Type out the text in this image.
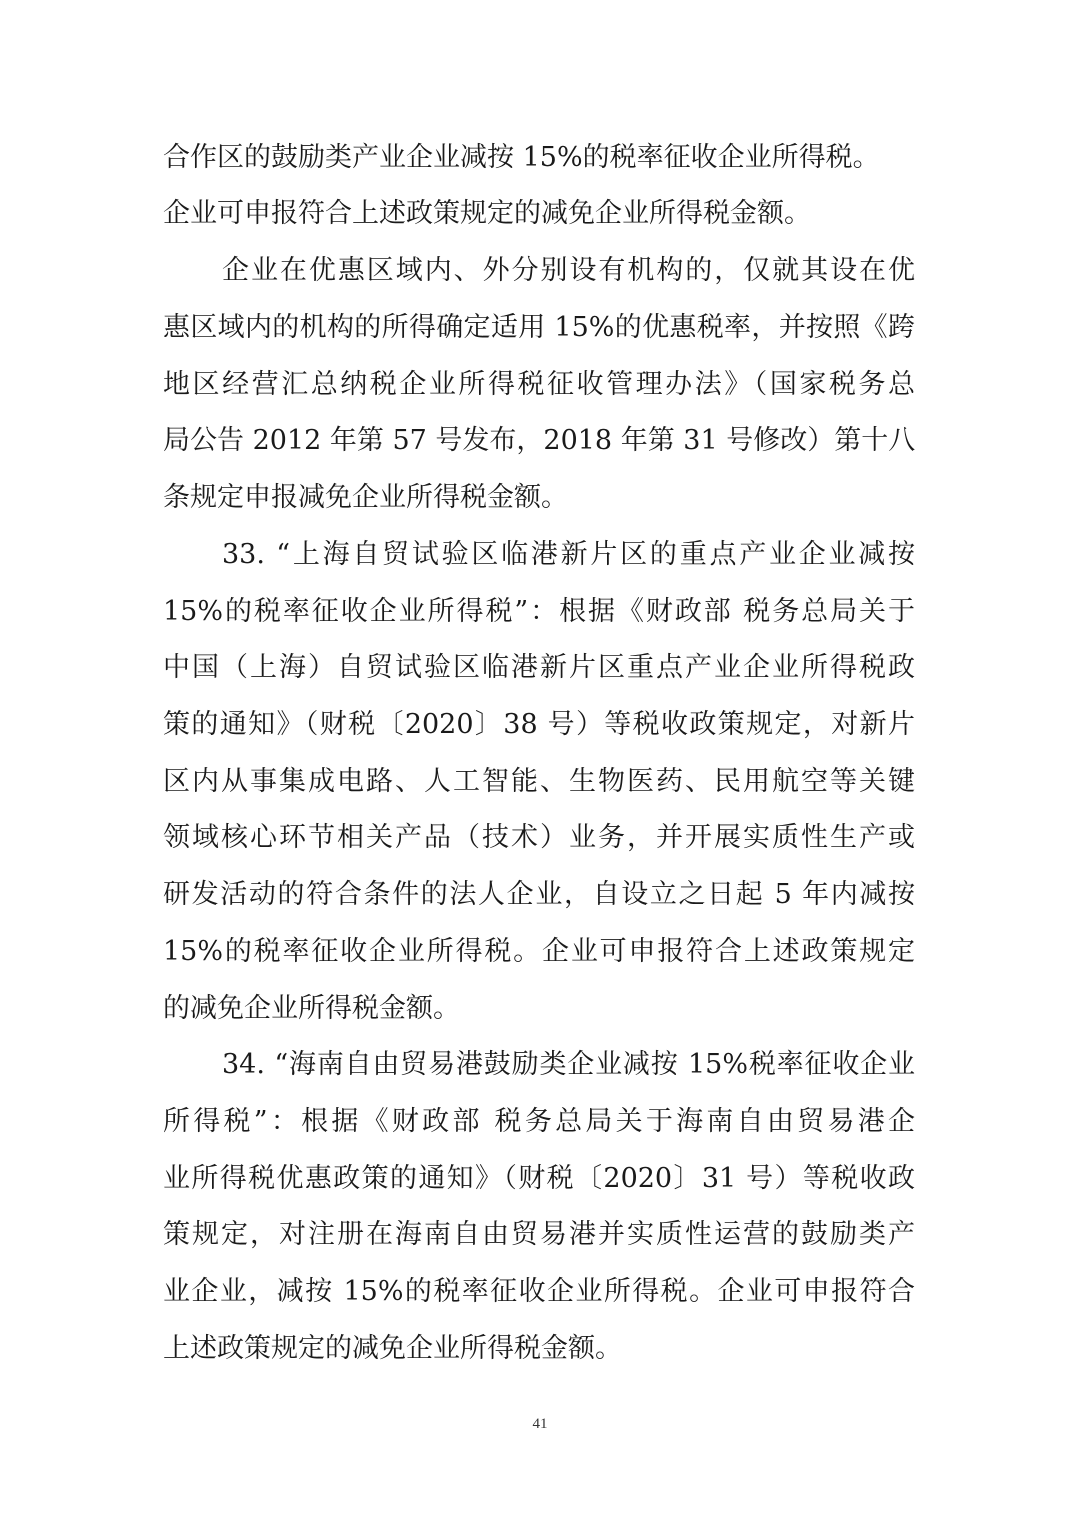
合作区的鼓励类产业企业减按 15%的税率征收企业所得税。
企业可申报符合上述政策规定的减免企业所得税金额。
企业在优惠区域内、外分别设有机构的，仅就其设在优
惠区域内的机构的所得确定适用 15%的优惠税率，并按照《跨
地区经营汇总纳税企业所得税征收管理办法》（国家税务总
局公告 2012 年第 57 号发布，2018 年第 31 号修改）第十八
条规定申报减免企业所得税金额。
33. “上海自贸试验区临港新片区的重点产业企业减按
15%的税率征收企业所得税”：根据《财政部 税务总局关于
中国（上海）自贸试验区临港新片区重点产业企业所得税政
策的通知》（财税〔2020〕38 号）等税收政策规定，对新片
区内从事集成电路、人工智能、生物医药、民用航空等关键
领域核心环节相关产品（技术）业务，并开展实质性生产或
研发活动的符合条件的法人企业，自设立之日起 5 年内减按
15%的税率征收企业所得税。企业可申报符合上述政策规定
的减免企业所得税金额。
34. “海南自由贸易港鼓励类企业减按 15%税率征收企业
所得税”：根据《财政部 税务总局关于海南自由贸易港企
业所得税优惠政策的通知》（财税〔2020〕31 号）等税收政
策规定，对注册在海南自由贸易港并实质性运营的鼓励类产
业企业，减按 15%的税率征收企业所得税。企业可申报符合
上述政策规定的减免企业所得税金额。
41
